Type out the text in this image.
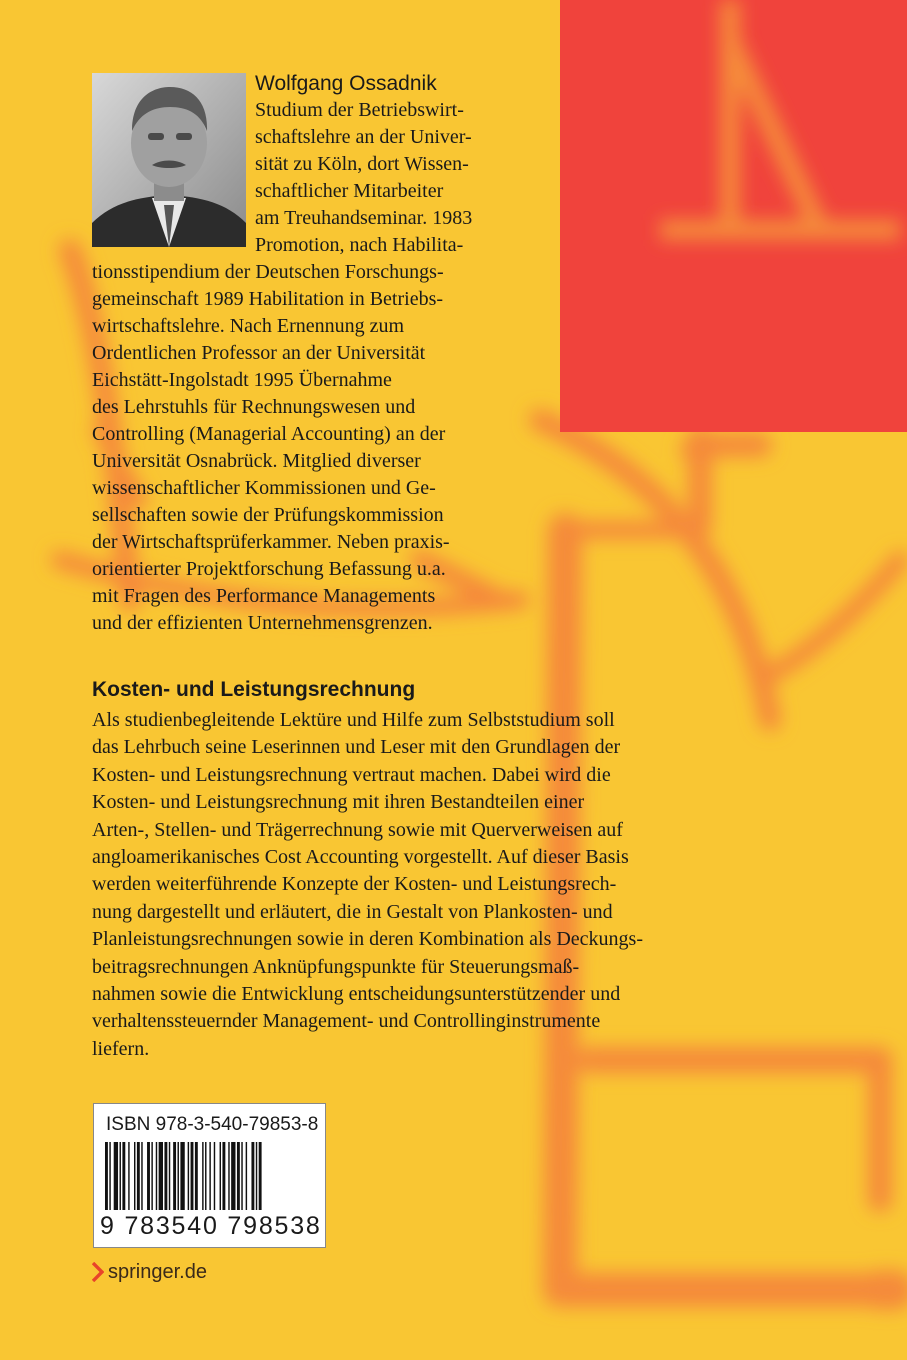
Wolfgang Ossadnik
Studium der Betriebswirt-
schaftslehre an der Univer-
sität zu Köln, dort Wissen-
schaftlicher Mitarbeiter
am Treuhandseminar. 1983
Promotion, nach Habilita-
tionsstipendium der Deutschen Forschungs-
gemeinschaft 1989 Habilitation in Betriebs-
wirtschaftslehre. Nach Ernennung zum
Ordentlichen Professor an der Universität
Eichstätt-Ingolstadt 1995 Übernahme
des Lehrstuhls für Rechnungswesen und
Controlling (Managerial Accounting) an der
Universität Osnabrück. Mitglied diverser
wissenschaftlicher Kommissionen und Ge-
sellschaften sowie der Prüfungskommission
der Wirtschaftsprüferkammer. Neben praxis-
orientierter Projektforschung Befassung u.a.
mit Fragen des Performance Managements
und der effizienten Unternehmensgrenzen.
Kosten- und Leistungsrechnung
Als studienbegleitende Lektüre und Hilfe zum Selbststudium soll
das Lehrbuch seine Leserinnen und Leser mit den Grundlagen der
Kosten- und Leistungsrechnung vertraut machen. Dabei wird die
Kosten- und Leistungsrechnung mit ihren Bestandteilen einer
Arten-, Stellen- und Trägerrechnung sowie mit Querverweisen auf
angloamerikanisches Cost Accounting vorgestellt. Auf dieser Basis
werden weiterführende Konzepte der Kosten- und Leistungsrech-
nung dargestellt und erläutert, die in Gestalt von Plankosten- und
Planleistungsrechnungen sowie in deren Kombination als Deckungs-
beitragsrechnungen Anknüpfungspunkte für Steuerungsmaß-
nahmen sowie die Entwicklung entscheidungsunterstützender und
verhaltenssteuernder Management- und Controllinginstrumente
liefern.
ISBN 978-3-540-79853-8
9 783540 798538
springer.de
